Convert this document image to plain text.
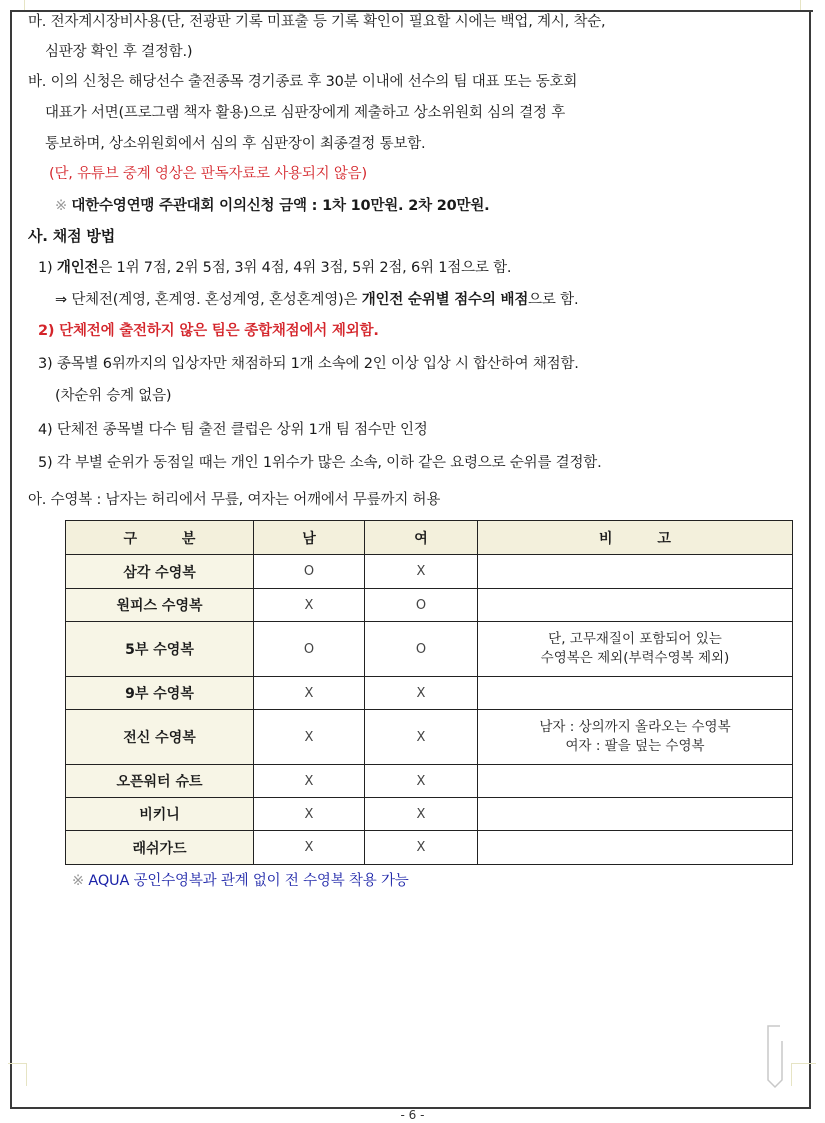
마. 전자계시장비사용(단, 전광판 기록 미표출 등 기록 확인이 필요할 시에는 백업, 계시, 착순,
심판장 확인 후 결정함.)
바. 이의 신청은 해당선수 출전종목 경기종료 후 30분 이내에 선수의 팀 대표 또는 동호회
대표가 서면(프로그램 책자 활용)으로 심판장에게 제출하고 상소위원회 심의 결정 후
통보하며, 상소위원회에서 심의 후 심판장이 최종결정 통보함.
(단, 유튜브 중계 영상은 판독자료로 사용되지 않음)
※ 대한수영연맹 주관대회 이의신청 금액 : 1차 10만원. 2차 20만원.
사. 채점 방법
1) 개인전은 1위 7점, 2위 5점, 3위 4점, 4위 3점, 5위 2점, 6위 1점으로 함.
⇒ 단체전(계영, 혼계영. 혼성계영, 혼성혼계영)은 개인전 순위별 점수의 배점으로 함.
2) 단체전에 출전하지 않은 팀은 종합채점에서 제외함.
3) 종목별 6위까지의 입상자만 채점하되 1개 소속에 2인 이상 입상 시 합산하여 채점함.
(차순위 승계 없음)
4) 단체전 종목별 다수 팀 출전 클럽은 상위 1개 팀 점수만 인정
5) 각 부별 순위가 동점일 때는 개인 1위수가 많은 소속, 이하 같은 요령으로 순위를 결정함.
아. 수영복 : 남자는 허리에서 무릎, 여자는 어깨에서 무릎까지 허용
구 분	남	여	비 고
삼각 수영복	O	X	
원피스 수영복	X	O	
5부 수영복	O	O	단, 고무재질이 포함되어 있는
수영복은 제외(부력수영복 제외)

9부 수영복	X	X	
전신 수영복	X	X	남자 : 상의까지 올라오는 수영복
여자 : 팔을 덮는 수영복

오픈워터 슈트	X	X	
비키니	X	X	
래쉬가드	X	X	
※ AQUA 공인수영복과 관계 없이 전 수영복 착용 가능
- 6 -
